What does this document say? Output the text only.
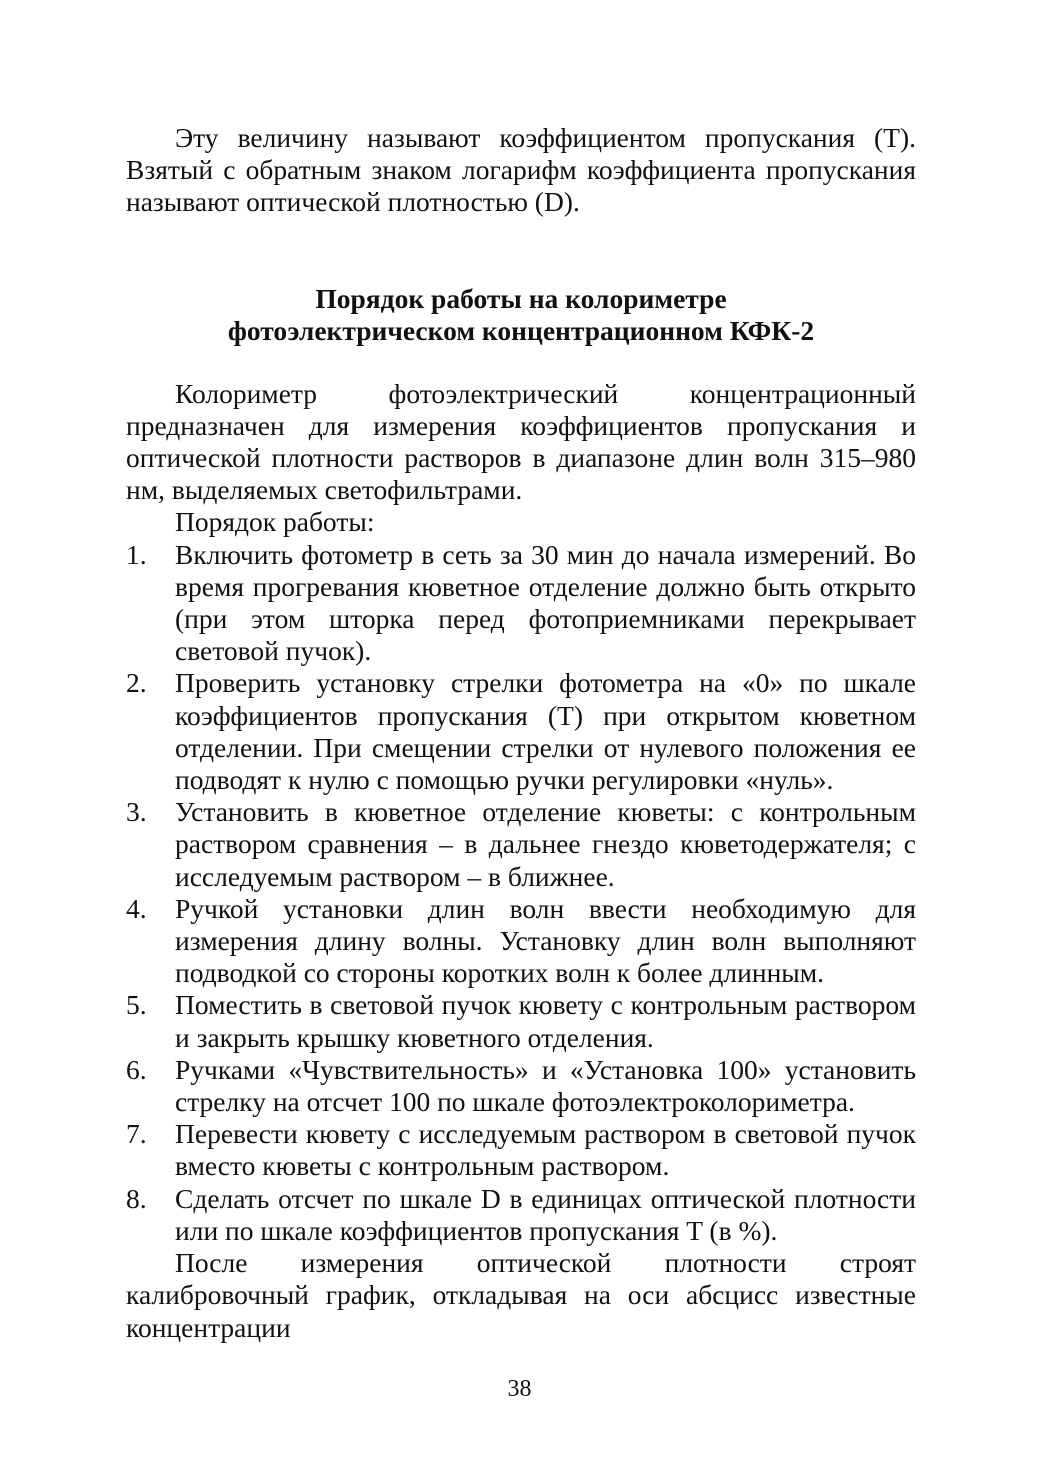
Эту величину называют коэффициентом пропускания (T). Взятый с обратным знаком логарифм коэффициента пропускания называют оптической плотностью (D).

Порядок работы на колориметре
фотоэлектрическом концентрационном КФК-2

Колориметр фотоэлектрический концентрационный предназначен для измерения коэффициентов пропускания и оптической плотности растворов в диапазоне длин волн 315–980 нм, выделяемых светофильтрами.

Порядок работы:

1. Включить фотометр в сеть за 30 мин до начала измерений. Во время прогревания кюветное отделение должно быть открыто (при этом шторка перед фотоприемниками перекрывает световой пучок).
2. Проверить установку стрелки фотометра на «0» по шкале коэффициентов пропускания (T) при открытом кюветном отделении. При смещении стрелки от нулевого положения ее подводят к нулю с помощью ручки регулировки «нуль».
3. Установить в кюветное отделение кюветы: с контрольным раствором сравнения – в дальнее гнездо кюветодержателя; с исследуемым раствором – в ближнее.
4. Ручкой установки длин волн ввести необходимую для измерения длину волны. Установку длин волн выполняют подводкой со стороны коротких волн к более длинным.
5. Поместить в световой пучок кювету с контрольным раствором и закрыть крышку кюветного отделения.
6. Ручками «Чувствительность» и «Установка 100» установить стрелку на отсчет 100 по шкале фотоэлектроколориметра.
7. Перевести кювету с исследуемым раствором в световой пучок вместо кюветы с контрольным раствором.
8. Сделать отсчет по шкале D в единицах оптической плотности или по шкале коэффициентов пропускания T (в %).

После измерения оптической плотности строят калибровочный график, откладывая на оси абсцисс известные концентрации

38
